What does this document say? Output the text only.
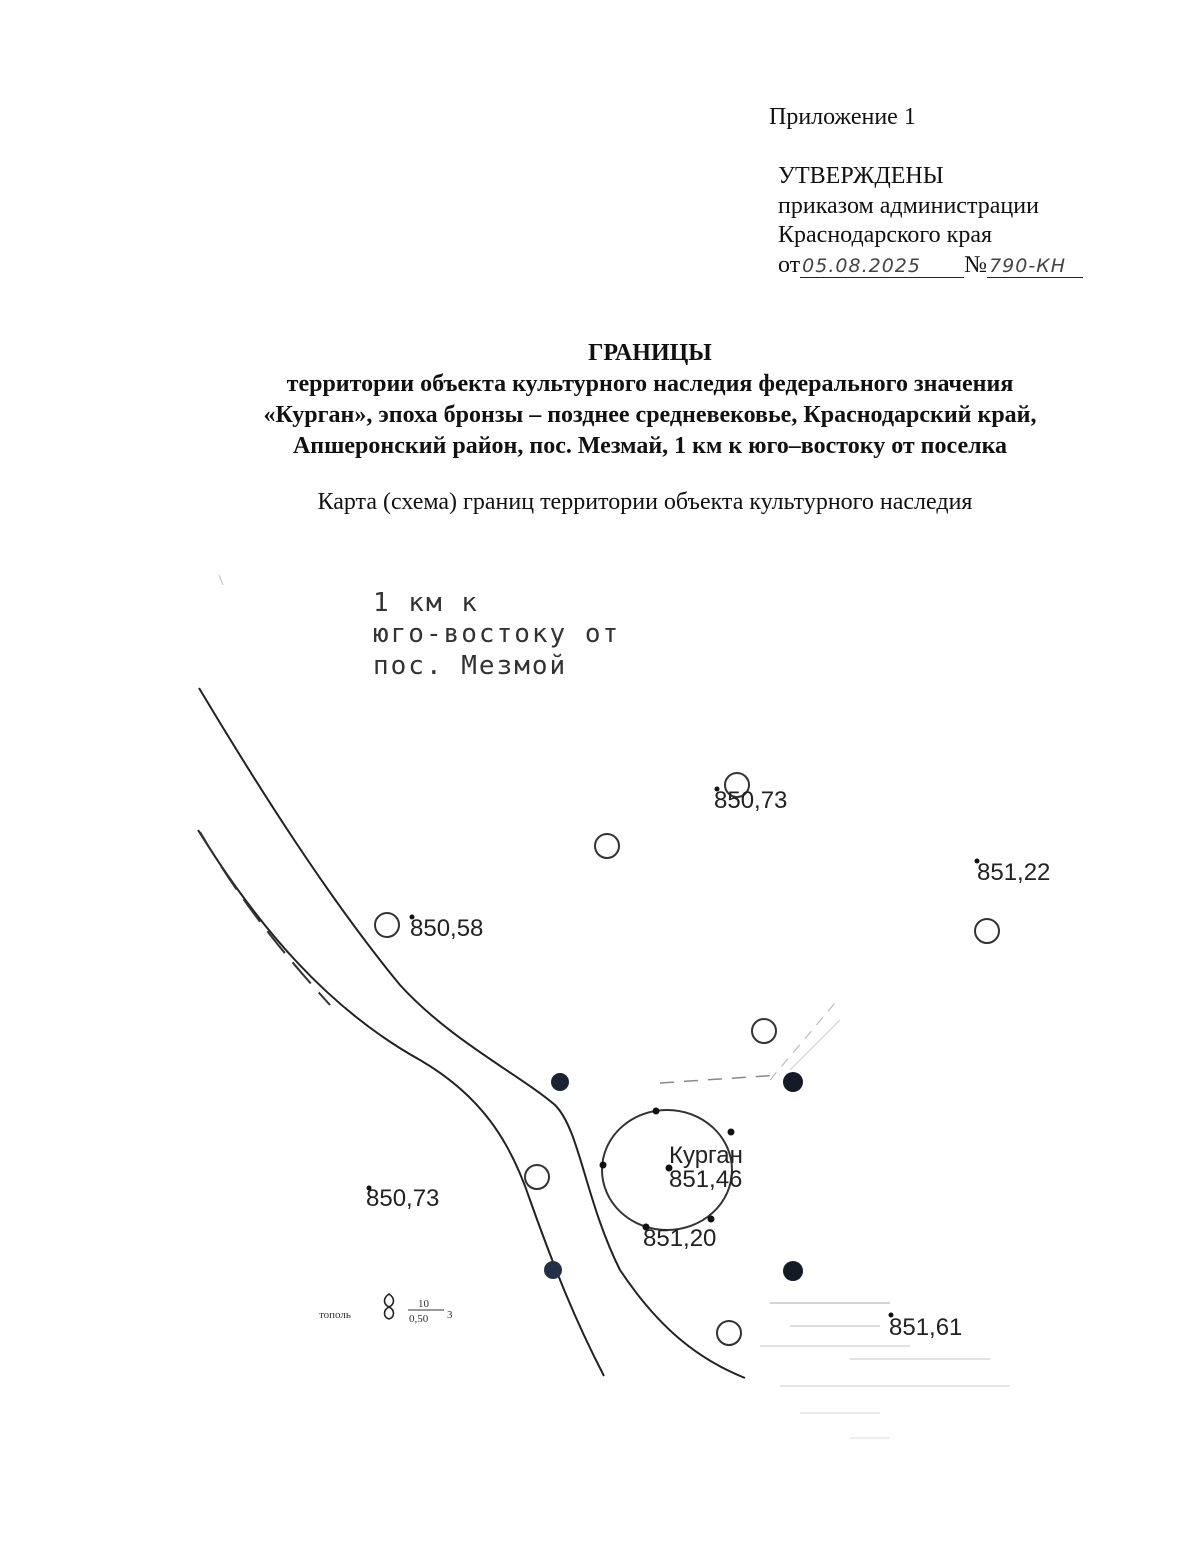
Приложение 1
УТВЕРЖДЕНЫ
приказом администрации
Краснодарского края
от 05.08.2025 № 790-КН
ГРАНИЦЫ
территории объекта культурного наследия федерального значения
«Курган», эпоха бронзы – позднее средневековье, Краснодарский край,
Апшеронский район, пос. Мезмай, 1 км к юго–востоку от поселка
Карта (схема) границ территории объекта культурного наследия
1 км к
юго-востоку от
пос. Мезмой
850,73
851,22
850,58
850,73
851,20
851,61
Курган
851,46
тополь
10
0,50 3
